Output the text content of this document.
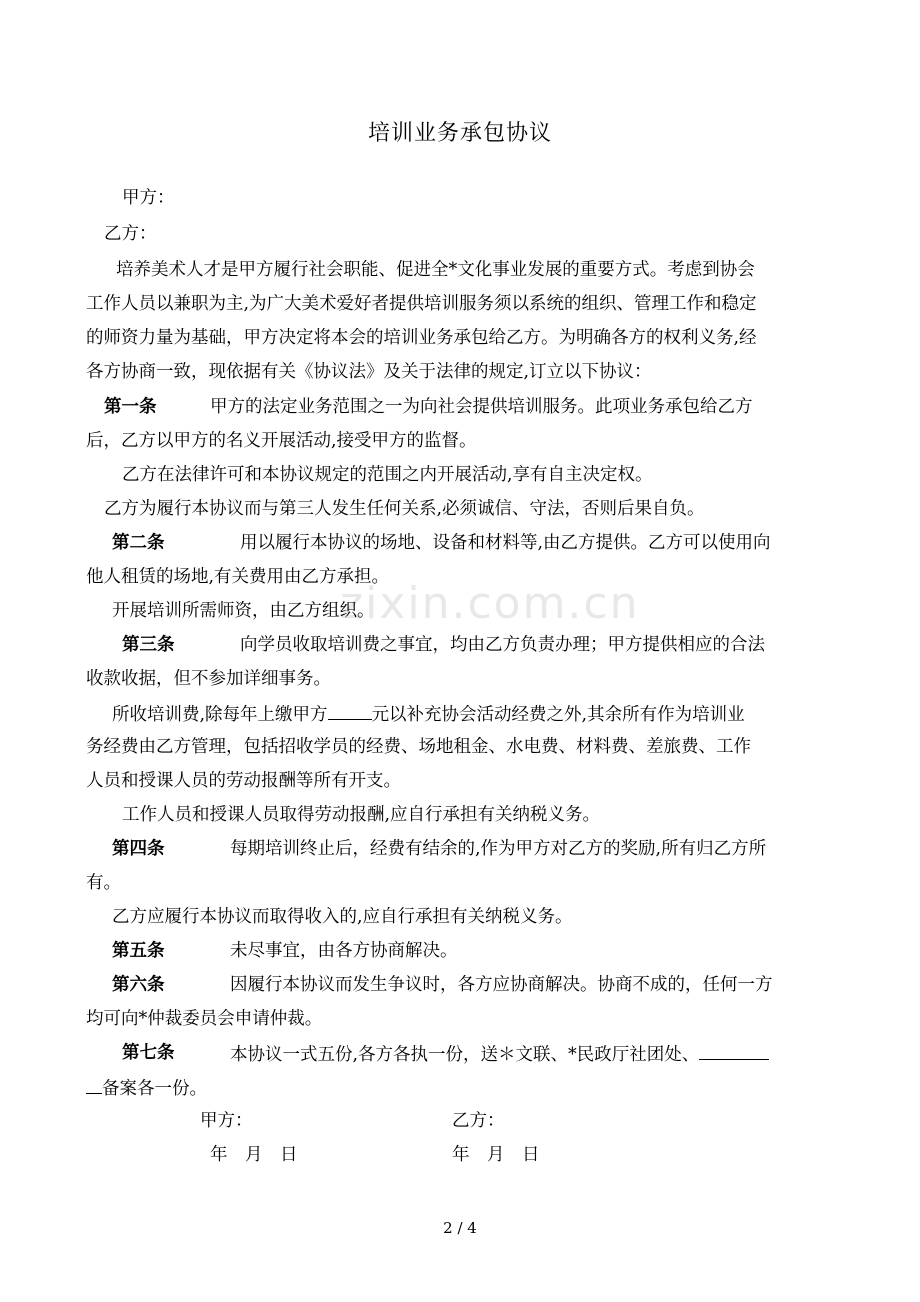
zixin.com.cn
培训业务承包协议
甲方：
乙方：
培养美术人才是甲方履行社会职能、促进全*文化事业发展的重要方式。考虑到协会
工作人员以兼职为主,为广大美术爱好者提供培训服务须以系统的组织、管理工作和稳定
的师资力量为基础，甲方决定将本会的培训业务承包给乙方。为明确各方的权利义务,经
各方协商一致，现依据有关《协议法》及关于法律的规定,订立以下协议：
第一条	甲方的法定业务范围之一为向社会提供培训服务。此项业务承包给乙方
后，乙方以甲方的名义开展活动,接受甲方的监督。
乙方在法律许可和本协议规定的范围之内开展活动,享有自主决定权。
乙方为履行本协议而与第三人发生任何关系,必须诚信、守法，否则后果自负。
第二条	用以履行本协议的场地、设备和材料等,由乙方提供。乙方可以使用向
他人租赁的场地,有关费用由乙方承担。
开展培训所需师资，由乙方组织。
第三条	向学员收取培训费之事宜，均由乙方负责办理；甲方提供相应的合法
收款收据，但不参加详细事务。
所收培训费,除每年上缴甲方	元以补充协会活动经费之外,其余所有作为培训业
务经费由乙方管理，包括招收学员的经费、场地租金、水电费、材料费、差旅费、工作
人员和授课人员的劳动报酬等所有开支。
工作人员和授课人员取得劳动报酬,应自行承担有关纳税义务。
第四条	每期培训终止后，经费有结余的,作为甲方对乙方的奖励,所有归乙方所
有。
乙方应履行本协议而取得收入的,应自行承担有关纳税义务。
第五条	未尽事宜，由各方协商解决。
第六条	因履行本协议而发生争议时，各方应协商解决。协商不成的，任何一方
均可向*仲裁委员会申请仲裁。
第七条	本协议一式五份,各方各执一份，送＊文联、*民政厅社团处、
备案各一份。
甲方：	乙方：
年　月　日	年　月　日
2 / 4
